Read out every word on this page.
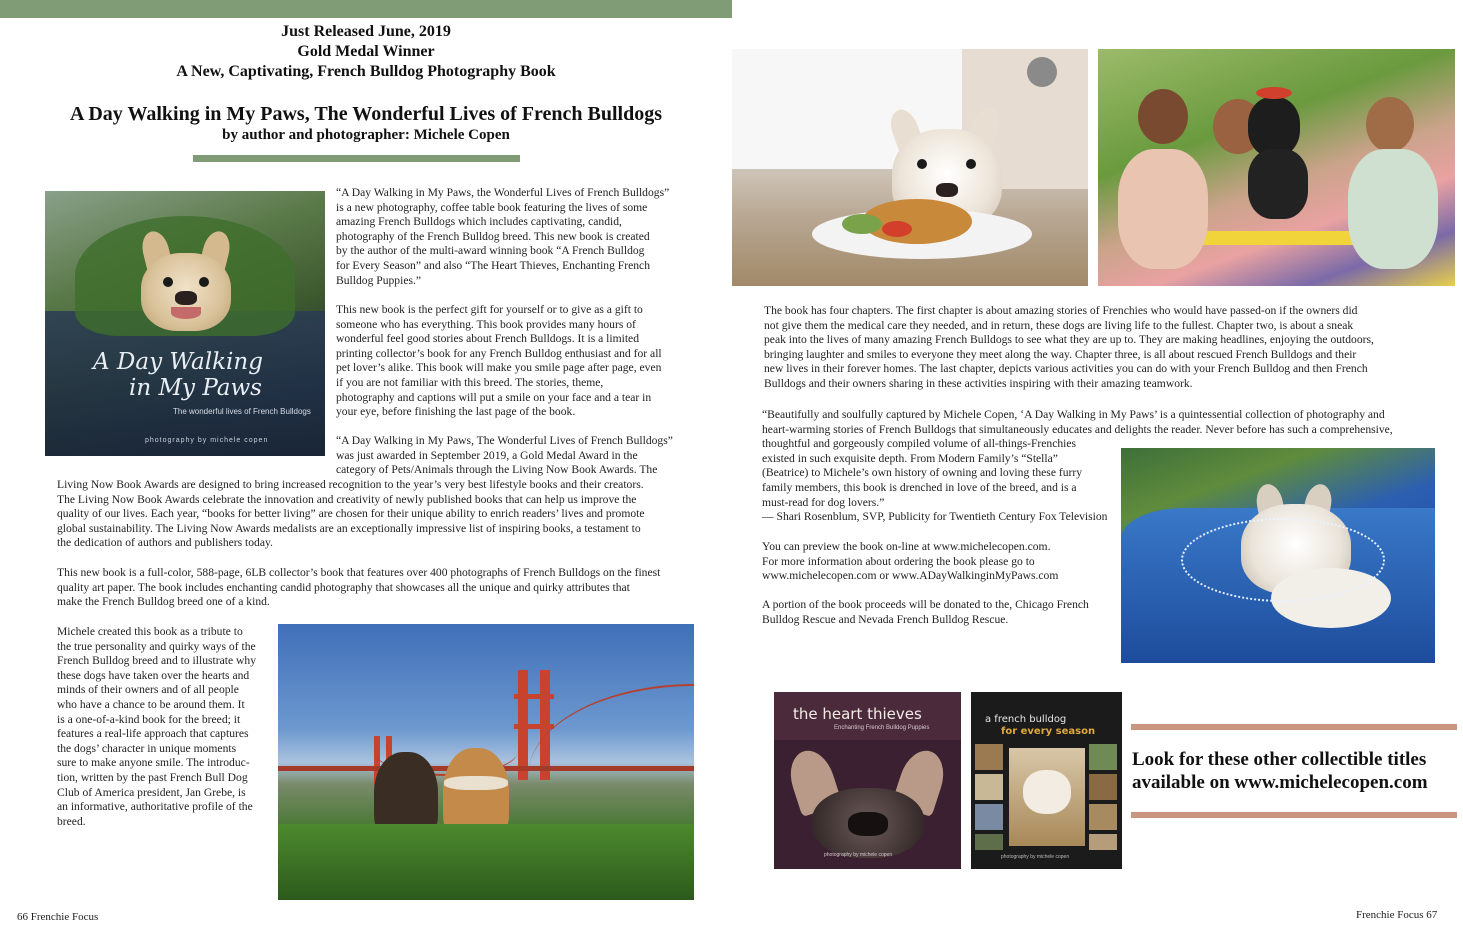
Just Released June, 2019
Gold Medal Winner
A New, Captivating, French Bulldog Photography Book
A Day Walking in My Paws, The Wonderful Lives of French Bulldogs
by author and photographer: Michele Copen
A Day Walking
in My Paws
The wonderful lives of French Bulldogs
photography by michele copen
“A Day Walking in My Paws, the Wonderful Lives of French Bulldogs”
is a new photography, coffee table book featuring the lives of some
amazing French Bulldogs which includes captivating, candid,
photography of the French Bulldog breed. This new book is created
by the author of the multi-award winning book “A French Bulldog
for Every Season” and also “The Heart Thieves, Enchanting French
Bulldog Puppies.”
This new book is the perfect gift for yourself or to give as a gift to
someone who has everything. This book provides many hours of
wonderful feel good stories about French Bulldogs. It is a limited
printing collector’s book for any French Bulldog enthusiast and for all
pet lover’s alike. This book will make you smile page after page, even
if you are not familiar with this breed. The stories, theme,
photography and captions will put a smile on your face and a tear in
your eye, before finishing the last page of the book.
“A Day Walking in My Paws, The Wonderful Lives of French Bulldogs”
was just awarded in September 2019, a Gold Medal Award in the
category of Pets/Animals through the Living Now Book Awards. The
Living Now Book Awards are designed to bring increased recognition to the year’s very best lifestyle books and their creators.
The Living Now Book Awards celebrate the innovation and creativity of newly published books that can help us improve the
quality of our lives. Each year, “books for better living” are chosen for their unique ability to enrich readers’ lives and promote
global sustainability. The Living Now Awards medalists are an exceptionally impressive list of inspiring books, a testament to
the dedication of authors and publishers today.
This new book is a full-color, 588-page, 6LB collector’s book that features over 400 photographs of French Bulldogs on the finest
quality art paper. The book includes enchanting candid photography that showcases all the unique and quirky attributes that
make the French Bulldog breed one of a kind.
Michele created this book as a tribute to
the true personality and quirky ways of the
French Bulldog breed and to illustrate why
these dogs have taken over the hearts and
minds of their owners and of all people
who have a chance to be around them. It
is a one-of-a-kind book for the breed; it
features a real-life approach that captures
the dogs’ character in unique moments
sure to make anyone smile. The introduc-
tion, written by the past French Bull Dog
Club of America president, Jan Grebe, is
an informative, authoritative profile of the
breed.
66 Frenchie Focus
The book has four chapters. The first chapter is about amazing stories of Frenchies who would have passed-on if the owners did
not give them the medical care they needed, and in return, these dogs are living life to the fullest. Chapter two, is about a sneak
peak into the lives of many amazing French Bulldogs to see what they are up to. They are making headlines, enjoying the outdoors,
bringing laughter and smiles to everyone they meet along the way. Chapter three, is all about rescued French Bulldogs and their
new lives in their forever homes. The last chapter, depicts various activities you can do with your French Bulldog and then French
Bulldogs and their owners sharing in these activities inspiring with their amazing teamwork.
“Beautifully and soulfully captured by Michele Copen, ‘A Day Walking in My Paws’ is a quintessential collection of photography and
heart-warming stories of French Bulldogs that simultaneously educates and delights the reader. Never before has such a comprehensive,
thoughtful and gorgeously compiled volume of all-things-Frenchies
existed in such exquisite depth. From Modern Family’s “Stella”
(Beatrice) to Michele’s own history of owning and loving these furry
family members, this book is drenched in love of the breed, and is a
must-read for dog lovers.”
— Shari Rosenblum, SVP, Publicity for Twentieth Century Fox Television
You can preview the book on-line at www.michelecopen.com.
For more information about ordering the book please go to
www.michelecopen.com or www.ADayWalkinginMyPaws.com
A portion of the book proceeds will be donated to the, Chicago French
Bulldog Rescue and Nevada French Bulldog Rescue.
the heart thieves
Enchanting French Bulldog Puppies
photography by michele copen
a french bulldog
for every season
photography by michele copen
Look for these other collectible titles
available on www.michelecopen.com
Frenchie Focus 67
